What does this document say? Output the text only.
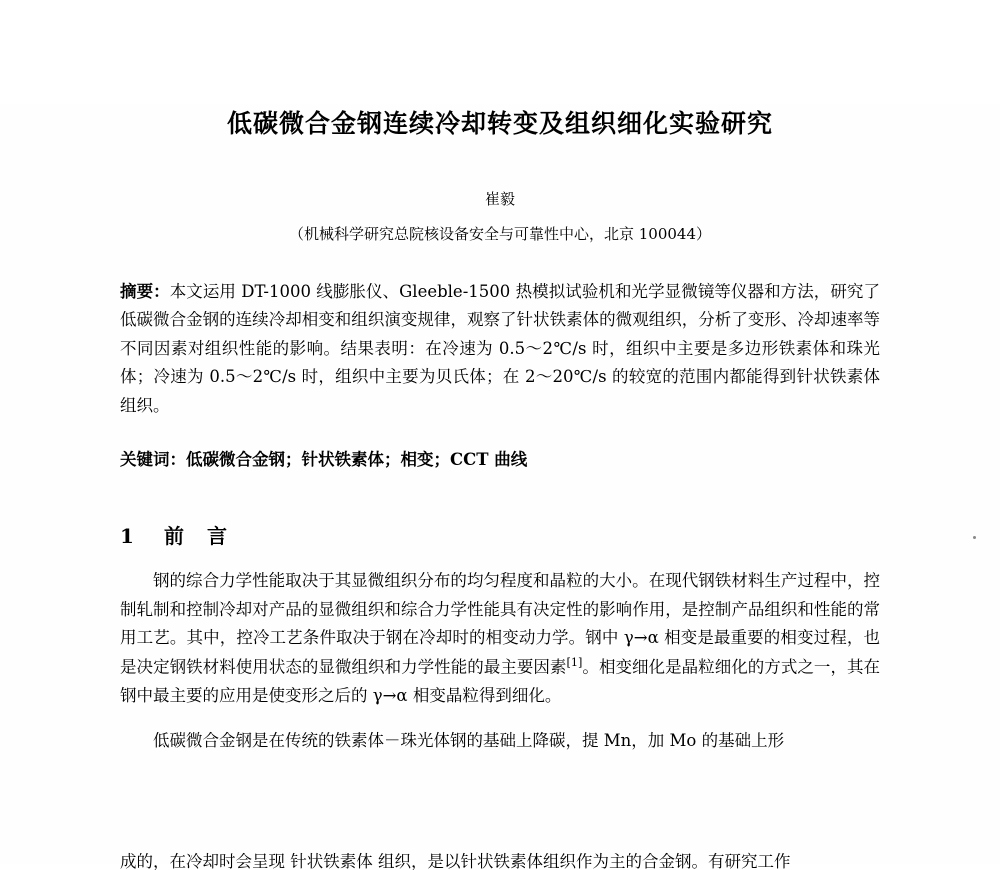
低碳微合金钢连续冷却转变及组织细化实验研究
崔毅
（机械科学研究总院核设备安全与可靠性中心，北京 100044）
摘要：本文运用 DT-1000 线膨胀仪、Gleeble-1500 热模拟试验机和光学显微镜等仪器和方法，研究了低碳微合金钢的连续冷却相变和组织演变规律，观察了针状铁素体的微观组织，分析了变形、冷却速率等不同因素对组织性能的影响。结果表明：在冷速为 0.5～2℃/s 时，组织中主要是多边形铁素体和珠光体；冷速为 0.5～2℃/s 时，组织中主要为贝氏体；在 2～20℃/s 的较宽的范围内都能得到针状铁素体组织。
关键词：低碳微合金钢；针状铁素体；相变；CCT 曲线
1 前 言

钢的综合力学性能取决于其显微组织分布的均匀程度和晶粒的大小。在现代钢铁材料生产过程中，控制轧制和控制冷却对产品的显微组织和综合力学性能具有决定性的影响作用，是控制产品组织和性能的常用工艺。其中，控冷工艺条件取决于钢在冷却时的相变动力学。钢中 γ→α 相变是最重要的相变过程，也是决定钢铁材料使用状态的显微组织和力学性能的最主要因素[1]。相变细化是晶粒细化的方式之一，其在钢中最主要的应用是使变形之后的 γ→α 相变晶粒得到细化。

低碳微合金钢是在传统的铁素体－珠光体钢的基础上降碳，提 Mn，加 Mo 的基础上形

成的，在冷却时会呈现 针状铁素体 组织，是以针状铁素体组织作为主的合金钢。有研究工作
